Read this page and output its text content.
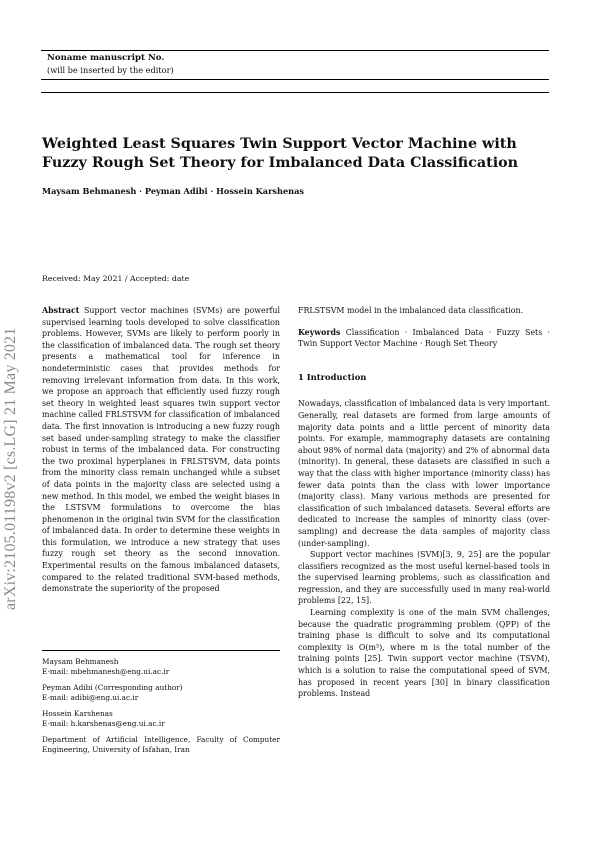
Noname manuscript No.
(will be inserted by the editor)
arXiv:2105.01198v2 [cs.LG] 21 May 2021
Weighted Least Squares Twin Support Vector Machine with
Fuzzy Rough Set Theory for Imbalanced Data Classification
Maysam Behmanesh · Peyman Adibi · Hossein Karshenas
Received: May 2021 / Accepted: date

Abstract Support vector machines (SVMs) are powerful supervised learning tools developed to solve classification problems. However, SVMs are likely to perform poorly in the classification of imbalanced data. The rough set theory presents a mathematical tool for inference in nondeterministic cases that provides methods for removing irrelevant information from data. In this work, we propose an approach that efficiently used fuzzy rough set theory in weighted least squares twin support vector machine called FRLSTSVM for classification of imbalanced data. The first innovation is introducing a new fuzzy rough set based under-sampling strategy to make the classifier robust in terms of the imbalanced data. For constructing the two proximal hyperplanes in FRLSTSVM, data points from the minority class remain unchanged while a subset of data points in the majority class are selected using a new method. In this model, we embed the weight biases in the LSTSVM formulations to overcome the bias phenomenon in the original twin SVM for the classification of imbalanced data. In order to determine these weights in this formulation, we introduce a new strategy that uses fuzzy rough set theory as the second innovation. Experimental results on the famous imbalanced datasets, compared to the related traditional SVM-based methods, demonstrate the superiority of the proposed

FRLSTSVM model in the imbalanced data classification.

Keywords Classification · Imbalanced Data · Fuzzy Sets · Twin Support Vector Machine · Rough Set Theory

1 Introduction

Nowadays, classification of imbalanced data is very important. Generally, real datasets are formed from large amounts of majority data points and a little percent of minority data points. For example, mammography datasets are containing about 98% of normal data (majority) and 2% of abnormal data (minority). In general, these datasets are classified in such a way that the class with higher importance (minority class) has fewer data points than the class with lower importance (majority class). Many various methods are presented for classification of such imbalanced datasets. Several efforts are dedicated to increase the samples of minority class (over-sampling) and decrease the data samples of majority class (under-sampling).

Support vector machines (SVM)[3, 9, 25] are the popular classifiers recognized as the most useful kernel-based tools in the supervised learning problems, such as classification and regression, and they are successfully used in many real-world problems [22, 15].

Learning complexity is one of the main SVM challenges, because the quadratic programming problem (QPP) of the training phase is difficult to solve and its computational complexity is O(m³), where m is the total number of the training points [25]. Twin support vector machine (TSVM), which is a solution to raise the computational speed of SVM, has proposed in recent years [30] in binary classification problems. Instead

Maysam Behmanesh
E-mail: mbehmanesh@eng.ui.ac.ir
Peyman Adibi (Corresponding author)
E-mail: adibi@eng.ui.ac.ir
Hossein Karshenas
E-mail: h.karshenas@eng.ui.ac.ir
Department of Artificial Intelligence, Faculty of Computer Engineering, University of Isfahan, Iran
